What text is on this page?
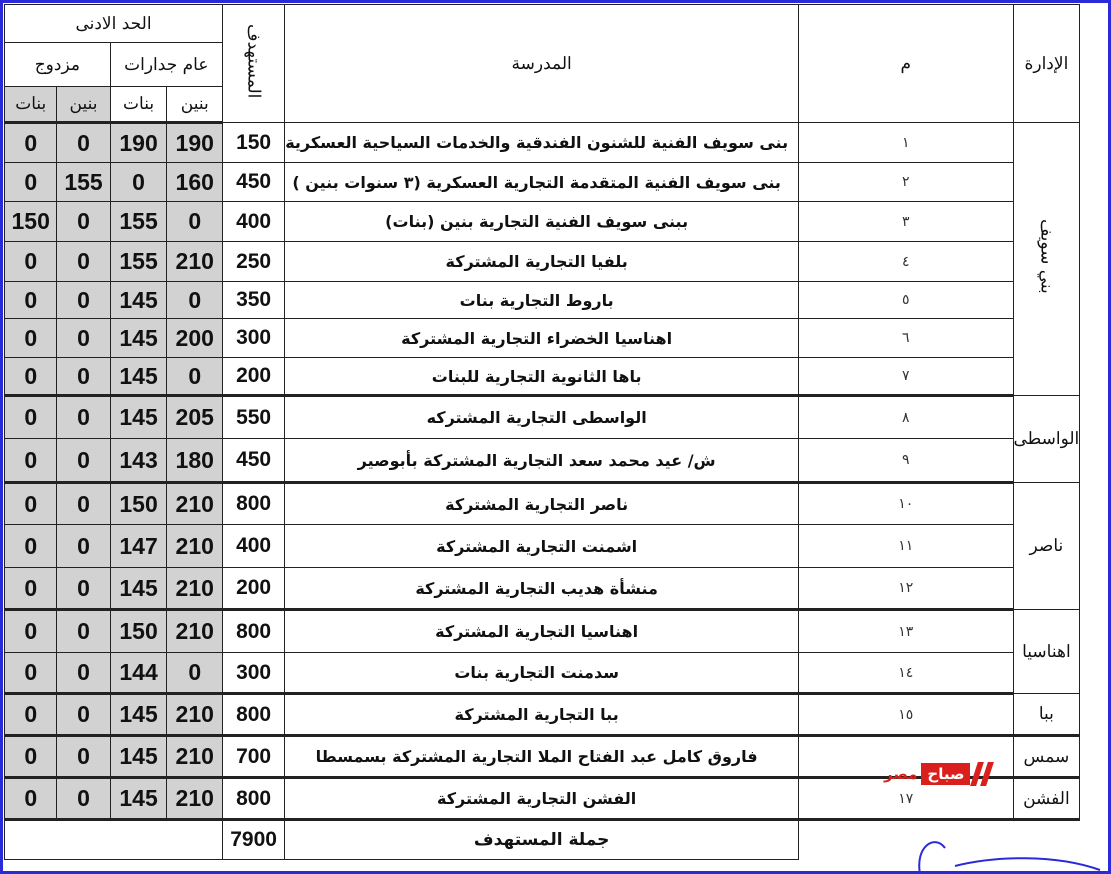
الحد الادنى				المستهدف	المدرسة	م	الإدارة
مزدوج		عام جدارات					
بنات	بنين	بنات	بنين				
0	0	190	190	150	بنى سويف الفنية للشنون الفندقية والخدمات السياحية العسكرية	١	بني سويف
0	155	0	160	450	بنى سويف الفنية المتقدمة التجارية العسكرية (٣ سنوات بنين )	٢	
150	0	155	0	400	ببنى سويف الفنية التجارية بنين (بنات)	٣	
0	0	155	210	250	بلفيا التجارية المشتركة	٤	
0	0	145	0	350	باروط التجارية بنات	٥	
0	0	145	200	300	اهناسيا الخضراء التجارية المشتركة	٦	
0	0	145	0	200	باها الثانوية التجارية للبنات	٧	
0	0	145	205	550	الواسطى التجارية المشتركه	٨	الواسطى
0	0	143	180	450	ش/ عيد محمد سعد التجارية المشتركة بأبوصير	٩	
0	0	150	210	800	ناصر التجارية المشتركة	١٠	ناصر
0	0	147	210	400	اشمنت التجارية المشتركة	١١	
0	0	145	210	200	منشأة هديب التجارية المشتركة	١٢	
0	0	150	210	800	اهناسيا التجارية المشتركة	١٣	اهناسيا
0	0	144	0	300	سدمنت التجارية بنات	١٤	
0	0	145	210	800	ببا التجارية المشتركة	١٥	ببا
0	0	145	210	700	فاروق كامل عبد الفتاح الملا التجارية المشتركة بسمسطا		سمس
0	0	145	210	800	الفشن التجارية المشتركة	١٧	الفشن
				7900	جملة المستهدف		
مصر صباح
